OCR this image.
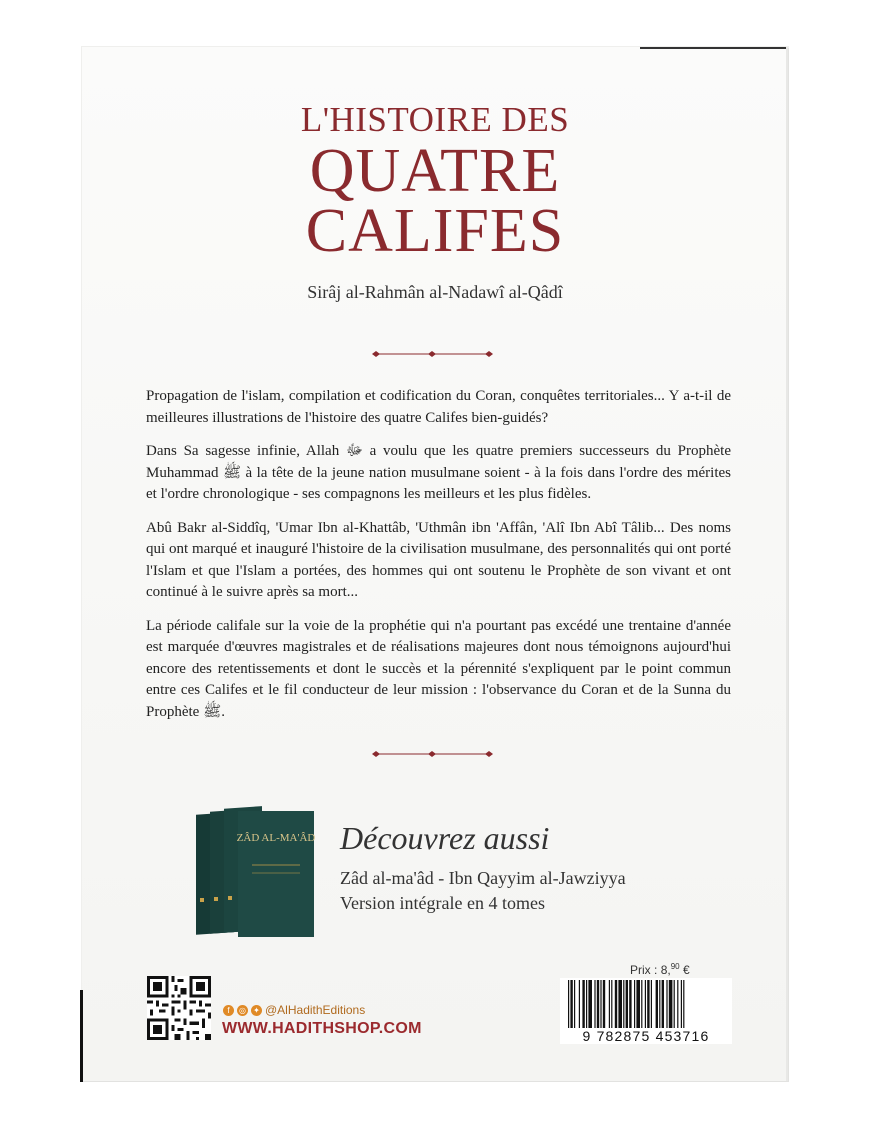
L'HISTOIRE DES
QUATRE
CALIFES
Sirâj al-Rahmân al-Nadawî al-Qâdî

Propagation de l'islam, compilation et codification du Coran, conquêtes territoriales... Y a-t-il de meilleures illustrations de l'histoire des quatre Califes bien-guidés?

Dans Sa sagesse infinie, Allah ﷻ a voulu que les quatre premiers successeurs du Prophète Muhammad ﷺ à la tête de la jeune nation musulmane soient - à la fois dans l'ordre des mérites et l'ordre chronologique - ses compagnons les meilleurs et les plus fidèles.

Abû Bakr al-Siddîq, 'Umar Ibn al-Khattâb, 'Uthmân ibn 'Affân, 'Alî Ibn Abî Tâlib... Des noms qui ont marqué et inauguré l'histoire de la civilisation musulmane, des personnalités qui ont porté l'Islam et que l'Islam a portées, des hommes qui ont soutenu le Prophète de son vivant et ont continué à le suivre après sa mort...

La période califale sur la voie de la prophétie qui n'a pourtant pas excédé une trentaine d'année est marquée d'œuvres magistrales et de réalisations majeures dont nous témoignons aujourd'hui encore des retentissements et dont le succès et la pérennité s'expliquent par le point commun entre ces Califes et le fil conducteur de leur mission : l'observance du Coran et de la Sunna du Prophète ﷺ.

ZÂD AL-MA'ÂD Découvrez aussi
Zâd al-ma'âd - Ibn Qayyim al-Jawziyya
Version intégrale en 4 tomes
f	◎ ✦ @AlHadithEditions
WWW.HADITHSHOP.COM
Prix : 8,90 €
9 782875 453716
